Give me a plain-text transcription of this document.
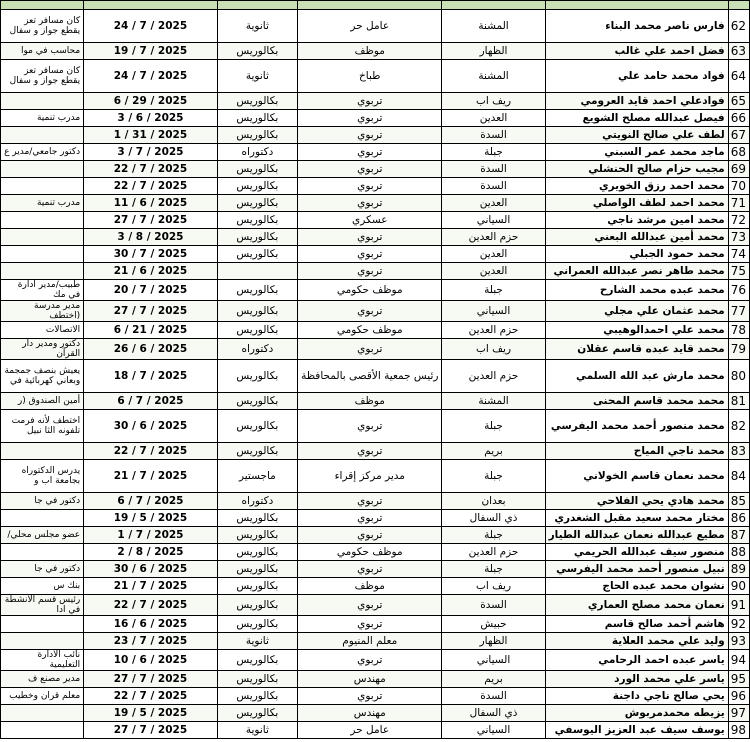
كان مسافر تعز يقطع جواز و سفال	24 / 7 / 2025	ثانوية	عامل حر	المشنة	فارس ناصر محمد البناء	62
محاسب في موا	19 / 7 / 2025	بكالوريس	موظف	الظهار	فضل احمد علي غالب	63
كان مسافر تعز يقطع جواز و سفال	24 / 7 / 2025	ثانوية	طباخ	المشنة	فواد محمد حامد علي	64
	6 / 29 / 2025	بكالوريس	تربوي	ريف اب	فوادعلي احمد قايد العرومي	65
مدرب تنمية	3 / 6 / 2025	بكالوريس	تربوي	العدين	فيصل عبدالله مصلح الشويع	66
	1 / 31 / 2025	بكالوريس	تربوي	السدة	لطف علي صالح النويتي	67
دكتور جامعي/مدير ع	3 / 7 / 2025	دكتوراه	تربوي	جبلة	ماجد محمد عمر السبني	68
	22 / 7 / 2025	بكالوريس	تربوي	السدة	مجيب حزام صالح الحنشلي	69
	22 / 7 / 2025	بكالوريس	تربوي	السدة	محمد احمد رزق الخويري	70
مدرب تنمية	11 / 6 / 2025	بكالوريس	تربوي	العدين	محمد احمد لطف الواصلي	71
	27 / 7 / 2025	بكالوريس	عسكري	السياني	محمد امين مرشد ناجي	72
	3 / 8 / 2025	بكالوريس	تربوي	حزم العدين	محمد أمين عبدالله البعني	73
	30 / 7 / 2025	بكالوريس	تربوي	العدين	محمد حمود الجبلي	74
	21 / 6 / 2025		تربوي	العدين	محمد طاهر نصر عبدالله العمراني	75
طبيب/مدير ادارة في مك	20 / 7 / 2025	بكالوريس	موظف حكومي	جبلة	محمد عبده محمد الشارح	76
مدير مدرسة (اختطف	27 / 7 / 2025	بكالوريس	تربوي	السياني	محمد عثمان علي مجلي	77
الاتصالات	6 / 21 / 2025	بكالوريس	موظف حكومي	حزم العدين	محمد علي احمدالوهيبي	78
دكتور ومدير دار القرآن	26 / 6 / 2025	دكتوراه	تربوي	ريف اب	محمد قايد عبده قاسم عقلان	79
يعيش بنصف جمجمة وبعاني كهربائية في	18 / 7 / 2025	بكالوريس	رئيس جمعية الأقصى بالمحافظة	حزم العدين	محمد مارش عبد الله السلمي	80
أمين الصندوق (ر	6 / 7 / 2025	بكالوريس	موظف	المشنة	محمد محمد قاسم المحنى	81
اختطف لأنه فرمت تلفونه الثا نبيل	30 / 6 / 2025	بكالوريس	تربوي	جبلة	محمد منصور أحمد محمد اليفرسي	82
	22 / 7 / 2025	بكالوريس	تربوي	بريم	محمد ناجي المياح	83
يدرس الدكتوراه بجامعة اب و	21 / 7 / 2025	ماجستير	مدير مركز إقراء	جبلة	محمد نعمان قاسم الخولاني	84
دكتور في جا	6 / 7 / 2025	دكتوراه	تربوي	بعدان	محمد هادي يحي الفلاحي	85
	19 / 5 / 2025	بكالوريس	تربوي	ذي السفال	مختار محمد سعيد مقبل الشغدري	86
عضو مجلس محلي/	1 / 7 / 2025	بكالوريس	تربوي	جبلة	مطيع عبدالله نعمان عبدالله الطيار	87
	2 / 8 / 2025	بكالوريس	موظف حكومي	حزم العدين	منصور سيف عبدالله الحريمي	88
دكتور في جا	30 / 6 / 2025	بكالوريس	تربوي	جبلة	نبيل منصور أحمد محمد اليفرسي	89
بنك س	21 / 7 / 2025	بكالوريس	موظف	ريف اب	نشوان محمد عبده الحاج	90
رئيس قسم الانشطة في ادا	22 / 7 / 2025	بكالوريس	تربوي	السدة	نعمان محمد مصلح العماري	91
	16 / 6 / 2025	بكالوريس	تربوي	حبيش	هاشم أحمد صالح قاسم	92
	23 / 7 / 2025	ثانوية	معلم المنيوم	الظهار	وليد علي محمد العلاية	93
نائب الادارة التعليمية	10 / 6 / 2025	بكالوريس	تربوي	السياني	ياسر عبده احمد الرحامي	94
مدير مصنع ف	27 / 7 / 2025	بكالوريس	مهندس	بريم	ياسر علي محمد الورد	95
معلم قران وخطيب	22 / 7 / 2025	بكالوريس	تربوي	السدة	يحي صالح ناجي داجنة	96
	19 / 5 / 2025	بكالوريس	مهندس	ذي السفال	يزيطه محمدمربوش	97
	27 / 7 / 2025	ثانوية	عامل حر	السياني	يوسف سيف عبد العزيز اليوسفي	98
